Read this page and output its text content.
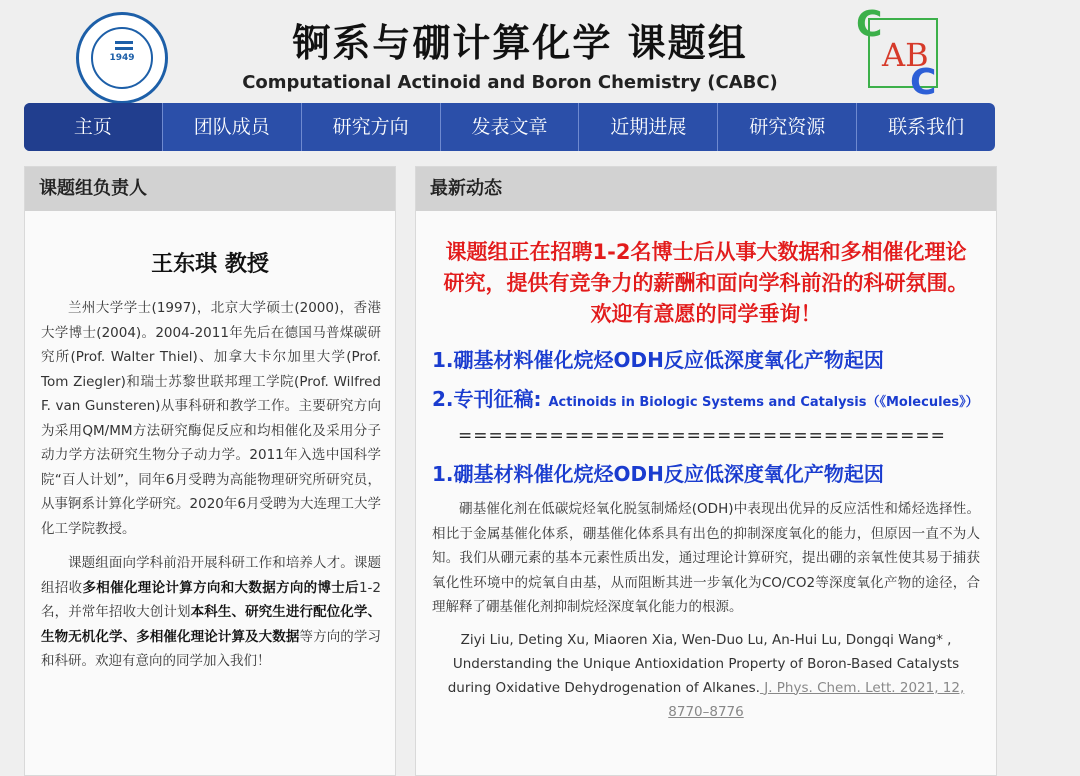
1949	锕系与硼计算化学 课题组
Computational Actinoid and Boron Chemistry (CABC)
C
AB
C
主页	团队成员	研究方向	发表文章	近期进展	研究资源	联系我们
课题组负责人
王东琪 教授
兰州大学学士(1997)，北京大学硕士(2000)，香港大学博士(2004)。2004-2011年先后在德国马普煤碳研究所(Prof. Walter Thiel)、加拿大卡尔加里大学(Prof. Tom Ziegler)和瑞士苏黎世联邦理工学院(Prof. Wilfred F. van Gunsteren)从事科研和教学工作。主要研究方向为采用QM/MM方法研究酶促反应和均相催化及采用分子动力学方法研究生物分子动力学。2011年入选中国科学院“百人计划”，同年6月受聘为高能物理研究所研究员，从事锕系计算化学研究。2020年6月受聘为大连理工大学化工学院教授。
课题组面向学科前沿开展科研工作和培养人才。课题组招收多相催化理论计算方向和大数据方向的博士后1-2名，并常年招收大创计划本科生、研究生进行配位化学、生物无机化学、多相催化理论计算及大数据等方向的学习和科研。欢迎有意向的同学加入我们！
最新动态
课题组正在招聘1-2名博士后从事大数据和多相催化理论研究，提供有竞争力的薪酬和面向学科前沿的科研氛围。欢迎有意愿的同学垂询！
1.硼基材料催化烷烃ODH反应低深度氧化产物起因
2.专刊征稿: Actinoids in Biologic Systems and Catalysis（《Molecules》）
================================
1.硼基材料催化烷烃ODH反应低深度氧化产物起因
硼基催化剂在低碳烷烃氧化脱氢制烯烃(ODH)中表现出优异的反应活性和烯烃选择性。相比于金属基催化体系，硼基催化体系具有出色的抑制深度氧化的能力，但原因一直不为人知。我们从硼元素的基本元素性质出发，通过理论计算研究，提出硼的亲氧性使其易于捕获氧化性环境中的烷氧自由基，从而阻断其进一步氧化为CO/CO2等深度氧化产物的途径，合理解释了硼基催化剂抑制烷烃深度氧化能力的根源。
Ziyi Liu, Deting Xu, Miaoren Xia, Wen-Duo Lu, An-Hui Lu, Dongqi Wang* , Understanding the Unique Antioxidation Property of Boron-Based Catalysts during Oxidative Dehydrogenation of Alkanes. J. Phys. Chem. Lett. 2021, 12, 8770–8776
